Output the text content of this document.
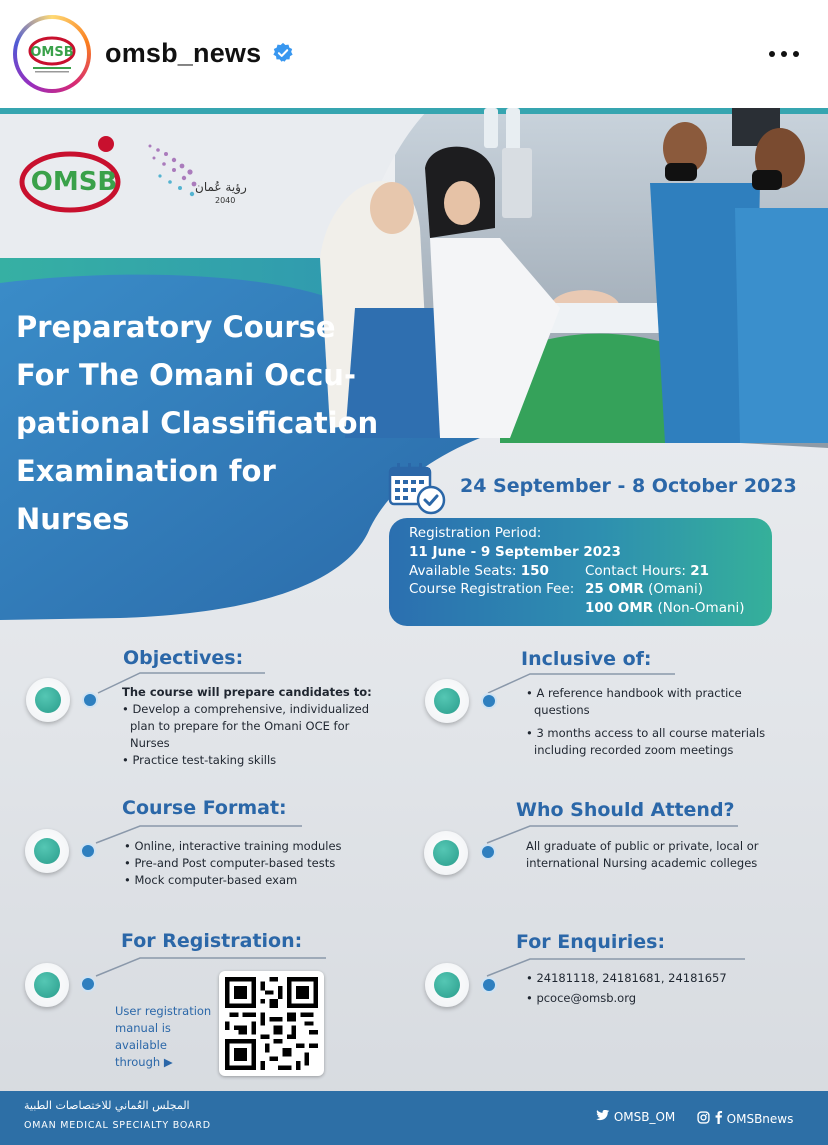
OMSB omsb_news
OMSB	رؤية عُمان
2040
Preparatory Course
For The Omani Occu-
pational Classification
Examination for
Nurses
24 September - 8 October 2023
Registration Period:
11 June - 9 September 2023
Available Seats: 150	Contact Hours: 21
Course Registration Fee: 25 OMR (Omani)
100 OMR (Non-Omani)
Objectives:
The course will prepare candidates to:
• Develop a comprehensive, individualized
plan to prepare for the Omani OCE for
Nurses
• Practice test-taking skills
Inclusive of:
• A reference handbook with practice
questions
• 3 months access to all course materials
including recorded zoom meetings
Course Format:
• Online, interactive training modules
• Pre-and Post computer-based tests
• Mock computer-based exam
Who Should Attend?
All graduate of public or private, local or
international Nursing academic colleges
For Registration:
User registration
manual is available
through ▶
For Enquiries:
• 24181118, 24181681, 24181657
• pcoce@omsb.org
المجلس العُماني للاختصاصات الطبية
OMAN MEDICAL SPECIALTY BOARD
OMSB_OM	OMSBnews
